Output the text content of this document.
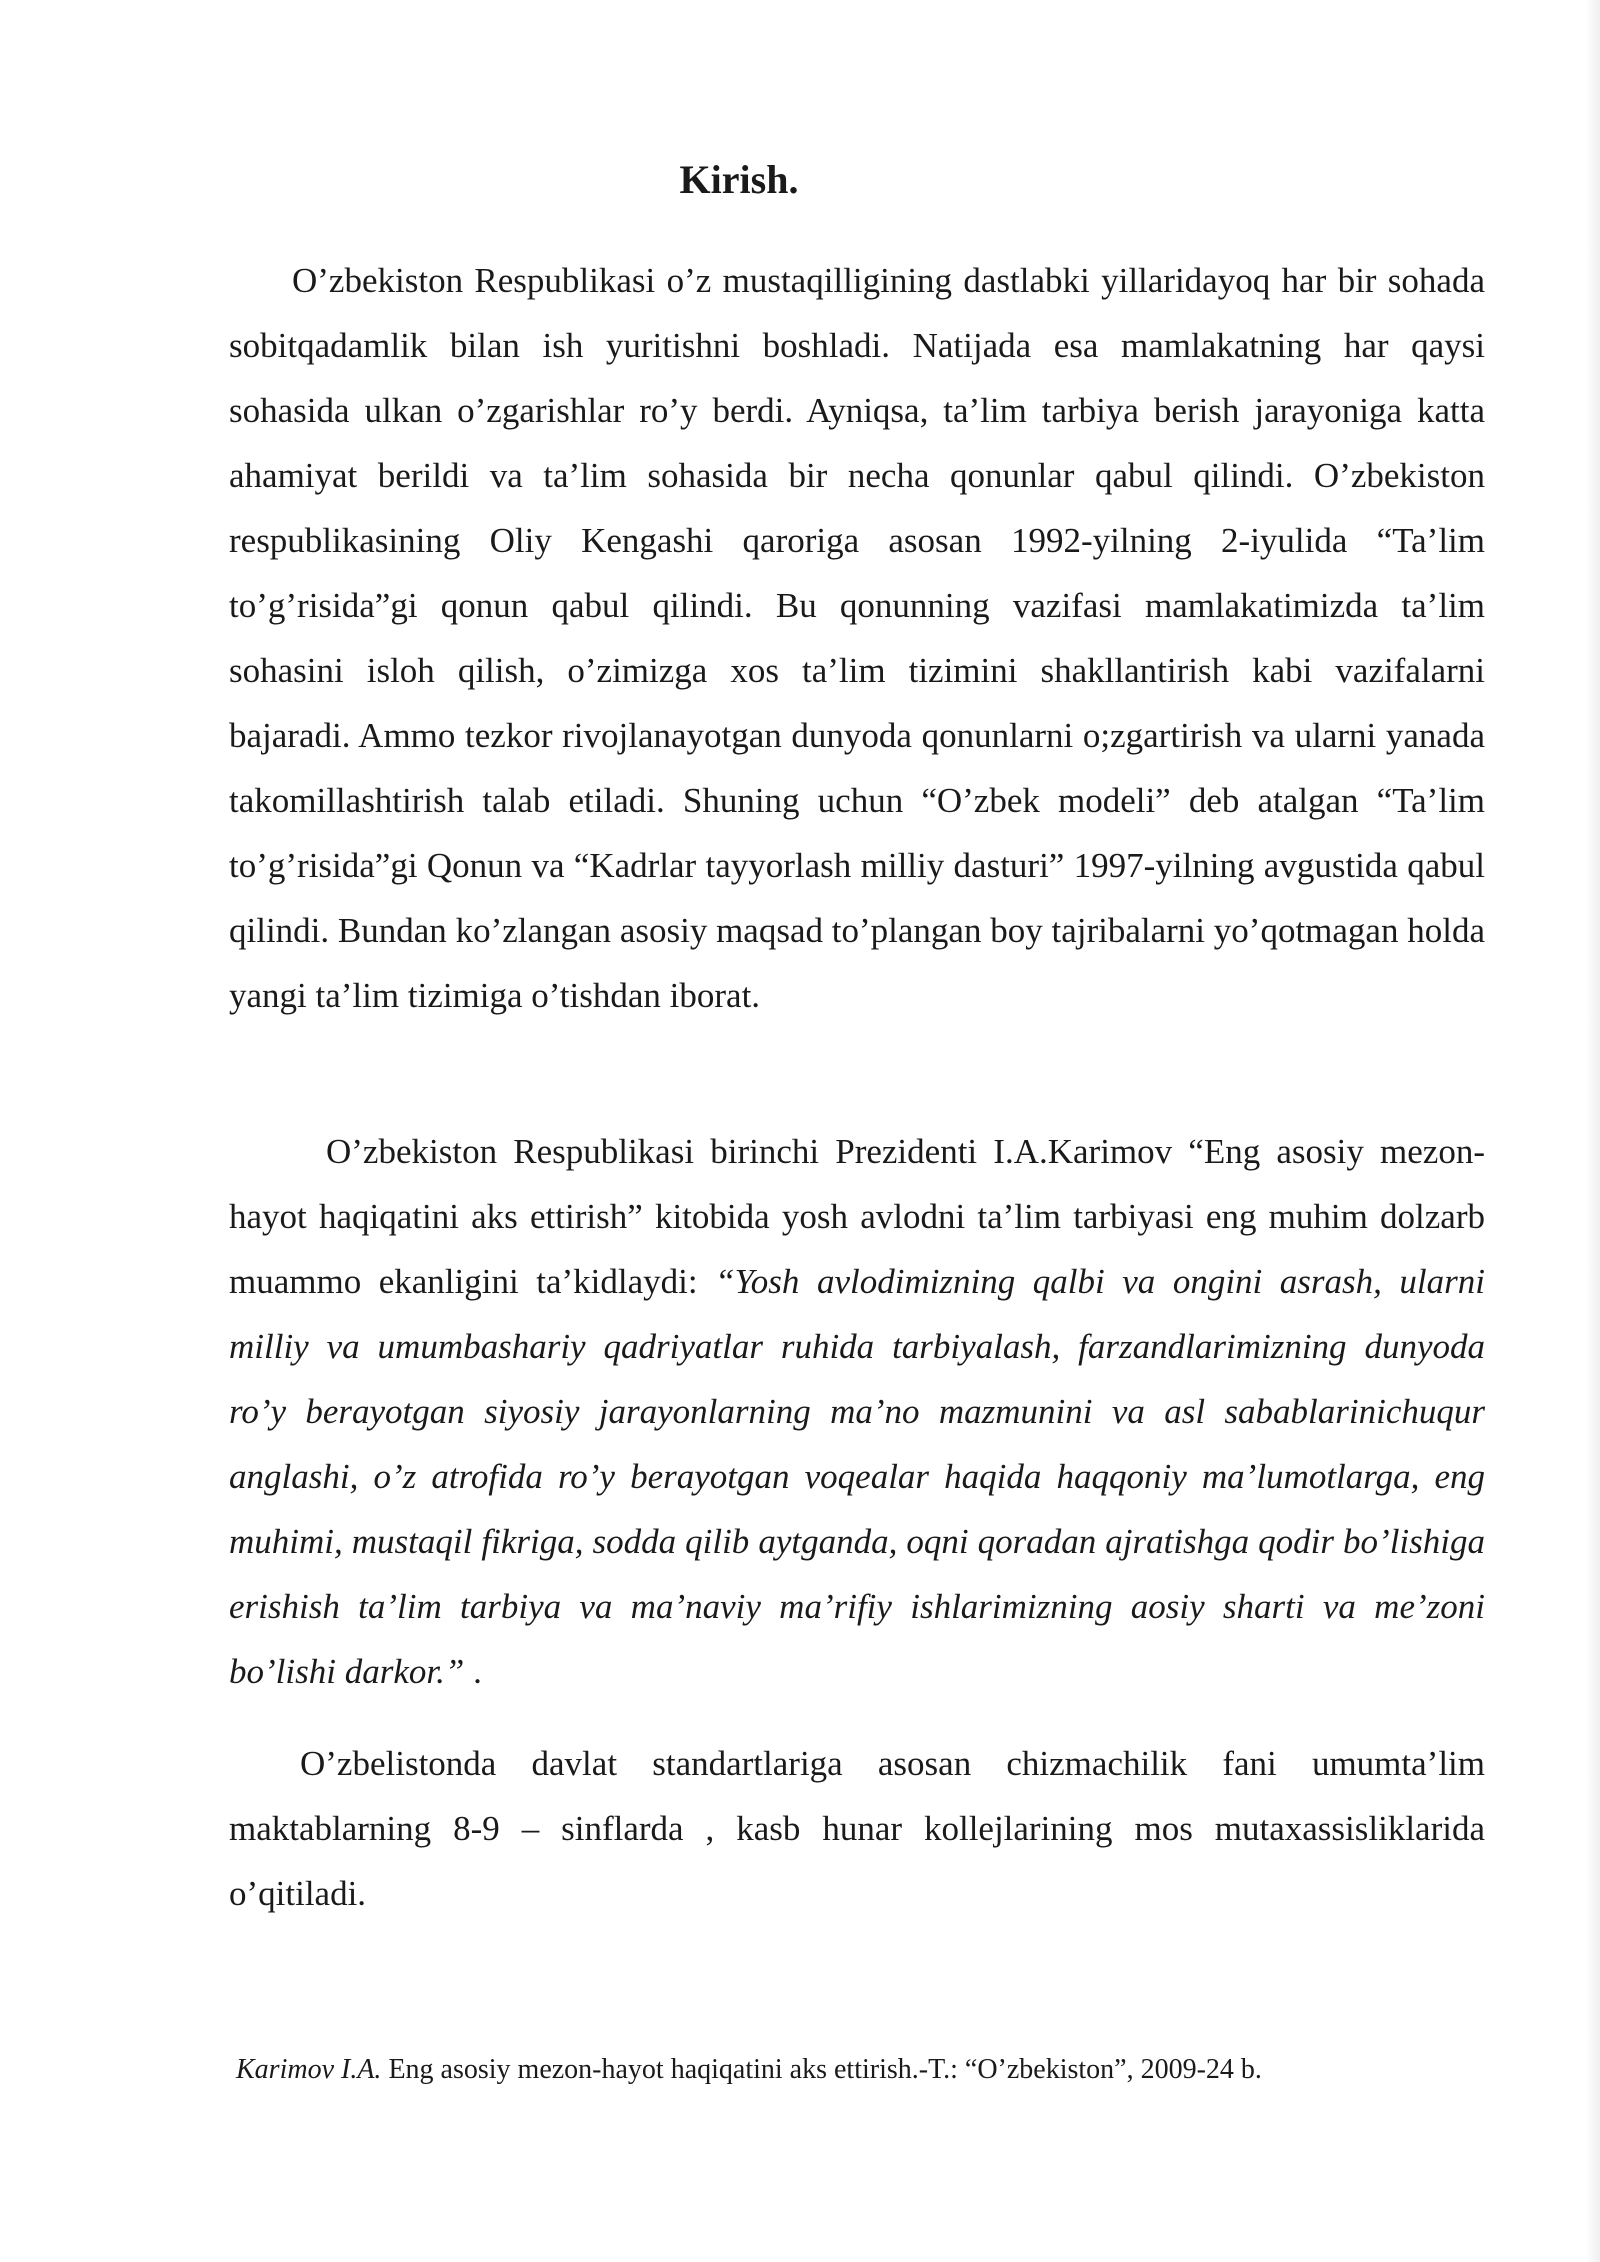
Kirish.

O’zbekiston Respublikasi o’z mustaqilligining dastlabki yillaridayoq har bir sohada sobitqadamlik bilan ish yuritishni boshladi. Natijada esa mamlakatning har qaysi sohasida ulkan o’zgarishlar ro’y berdi. Ayniqsa, ta’lim tarbiya berish jarayoniga katta ahamiyat berildi va ta’lim sohasida bir necha qonunlar qabul qilindi. O’zbekiston respublikasining Oliy Kengashi qaroriga asosan 1992-yilning 2-iyulida “Ta’lim to’g’risida”gi qonun qabul qilindi. Bu qonunning vazifasi mamlakatimizda ta’lim sohasini isloh qilish, o’zimizga xos ta’lim tizimini shakllantirish kabi vazifalarni bajaradi. Ammo tezkor rivojlanayotgan dunyoda qonunlarni o;zgartirish va ularni yanada takomillashtirish talab etiladi. Shuning uchun “O’zbek modeli” deb atalgan “Ta’lim to’g’risida”gi Qonun va “Kadrlar tayyorlash milliy dasturi” 1997-yilning avgustida qabul qilindi. Bundan ko’zlangan asosiy maqsad to’plangan boy tajribalarni yo’qotmagan holda yangi ta’lim tizimiga o’tishdan iborat.

O’zbekiston Respublikasi birinchi Prezidenti I.A.Karimov “Eng asosiy mezon- hayot haqiqatini aks ettirish” kitobida yosh avlodni ta’lim tarbiyasi eng muhim dolzarb muammo ekanligini ta’kidlaydi: “Yosh avlodimizning qalbi va ongini asrash, ularni milliy va umumbashariy qadriyatlar ruhida tarbiyalash, farzandlarimizning dunyoda ro’y berayotgan siyosiy jarayonlarning ma’no mazmunini va asl sabablarinichuqur anglashi, o’z atrofida ro’y berayotgan voqealar haqida haqqoniy ma’lumotlarga, eng muhimi, mustaqil fikriga, sodda qilib aytganda, oqni qoradan ajratishga qodir bo’lishiga erishish ta’lim tarbiya va ma’naviy ma’rifiy ishlarimizning aosiy sharti va me’zoni bo’lishi darkor.” .

O’zbelistonda davlat standartlariga asosan chizmachilik fani umumta’lim maktablarning 8-9 – sinflarda , kasb hunar kollejlarining mos mutaxassisliklarida o’qitiladi.

Karimov I.A. Eng asosiy mezon-hayot haqiqatini aks ettirish.-T.: “O’zbekiston”, 2009-24 b.
